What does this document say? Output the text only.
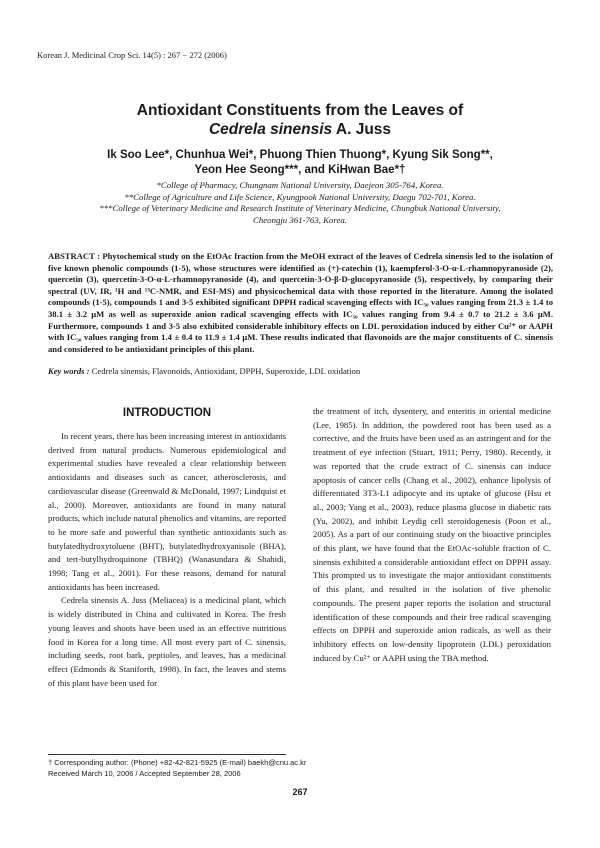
Korean J. Medicinal Crop Sci. 14(5) : 267 − 272 (2006)
Antioxidant Constituents from the Leaves of
Cedrela sinensis A. Juss
Ik Soo Lee*, Chunhua Wei*, Phuong Thien Thuong*, Kyung Sik Song**,
Yeon Hee Seong***, and KiHwan Bae*†
*College of Pharmacy, Chungnam National University, Daejeon 305-764, Korea.
**College of Agriculture and Life Science, Kyungpook National University, Daegu 702-701, Korea.
***College of Veterinary Medicine and Research Institute of Veterinary Medicine, Chungbuk National University,
Cheongju 361-763, Korea.
ABSTRACT : Phytochemical study on the EtOAc fraction from the MeOH extract of the leaves of Cedrela sinensis led to the isolation of five known phenolic compounds (1-5), whose structures were identified as (+)-catechin (1), kaempferol-3-O-α-L-rhamnopyranoside (2), quercetin (3), quercetin-3-O-α-L-rhamnopyranoside (4), and quercetin-3-O-β-D-glucopyranoside (5), respectively, by comparing their spectral (UV, IR, ¹H and ¹³C-NMR, and ESI-MS) and physicochemical data with those reported in the literature. Among the isolated compounds (1-5), compounds 1 and 3-5 exhibited significant DPPH radical scavenging effects with IC₅₀ values ranging from 21.3 ± 1.4 to 38.1 ± 3.2 μM as well as superoxide anion radical scavenging effects with IC₅₀ values ranging from 9.4 ± 0.7 to 21.2 ± 3.6 μM. Furthermore, compounds 1 and 3-5 also exhibited considerable inhibitory effects on LDL peroxidation induced by either Cu²⁺ or AAPH with IC₅₀ values ranging from 1.4 ± 0.4 to 11.9 ± 1.4 μM. These results indicated that flavonoids are the major constituents of C. sinensis and considered to be antioxidant principles of this plant.
Key words : Cedrela sinensis, Flavonoids, Antioxidant, DPPH, Superoxide, LDL oxidation
INTRODUCTION

In recent years, there has been increasing interest in antioxidants derived from natural products. Numerous epidemiological and experimental studies have revealed a clear relationship between antioxidants and diseases such as cancer, atherosclerosis, and cardiovascular disease (Greenwald & McDonald, 1997; Lindquist et al., 2000). Moreover, antioxidants are found in many natural products, which include natural phenolics and vitamins, are reported to be more safe and powerful than synthetic antioxidants such as butylatedhydroxytoluene (BHT), butylatedhydroxyanisole (BHA), and tert-butylhydroquinone (TBHQ) (Wanasundara & Shahidi, 1998; Tang et al., 2001). For these reasons, demand for natural antioxidants has been increased.

Cedrela sinensis A. Juss (Meliacea) is a medicinal plant, which is widely distributed in China and cultivated in Korea. The fresh young leaves and shoots have been used as an effective nutritious food in Korea for a long time. All most every part of C. sinensis, including seeds, root bark, peptioles, and leaves, has a medicinal effect (Edmonds & Staniforth, 1998). In fact, the leaves and stems of this plant have been used for

the treatment of itch, dysentery, and enteritis in oriental medicine (Lee, 1985). In addition, the powdered root has been used as a corrective, and the fruits have been used as an astringent and for the treatment of eye infection (Stuart, 1911; Perry, 1980). Recently, it was reported that the crude extract of C. sinensis can induce apoptosis of cancer cells (Chang et al., 2002), enhance lipolysis of differentiated 3T3-L1 adipocyte and its uptake of glucose (Hsu et al., 2003; Yang et al., 2003), reduce plasma glucose in diabetic rats (Yu, 2002), and inhibit Leydig cell steroidogenesis (Poon et al., 2005). As a part of our continuing study on the bioactive principles of this plant, we have found that the EtOAc-soluble fraction of C. sinensis exhibited a considerable antioxidant effect on DPPH assay. This prompted us to investigate the major antioxidant constituents of this plant, and resulted in the isolation of five phenolic compounds. The present paper reports the isolation and structural identification of these compounds and their free radical scavenging effects on DPPH and superoxide anion radicals, as well as their inhibitory effects on low-density lipoprotein (LDL) peroxidation induced by Cu²⁺ or AAPH using the TBA method.

† Corresponding author: (Phone) +82-42-821-5925 (E-mail) baekh@cnu.ac.kr
Received March 10, 2006 / Accepted September 28, 2006
267
